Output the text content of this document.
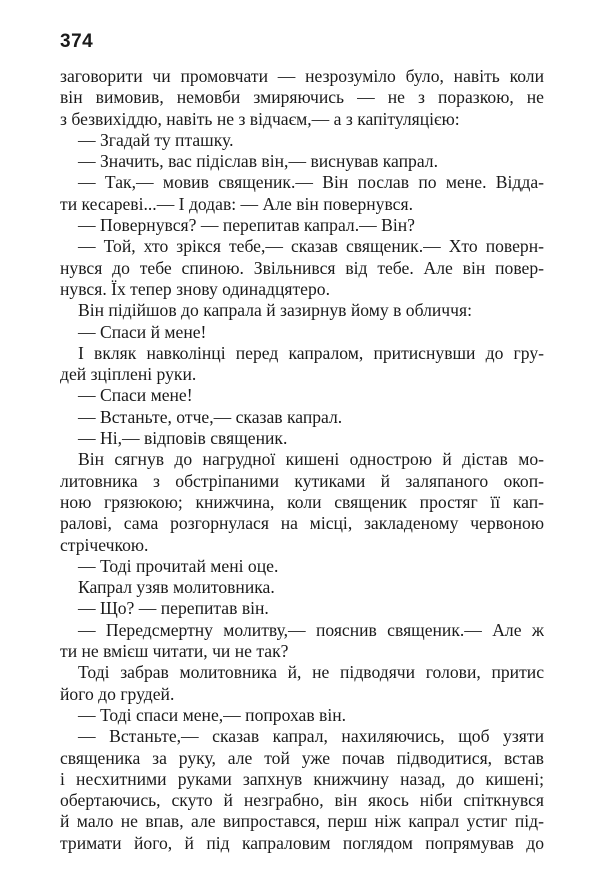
374

заговорити чи промовчати — незрозуміло було, навіть коли

він вимовив, немовби змиряючись — не з поразкою, не

з безвихіддю, навіть не з відчаєм,— а з капітуляцією:

— Згадай ту пташку.

— Значить, вас підіслав він,— виснував капрал.

— Так,— мовив священик.— Він послав по мене. Відда-

ти кесареві...— І додав: — Але він повернувся.

— Повернувся? — перепитав капрал.— Він?

— Той, хто зрікся тебе,— сказав священик.— Хто поверн-

нувся до тебе спиною. Звільнився від тебе. Але він повер-

нувся. Їх тепер знову одинадцятеро.

Він підійшов до капрала й зазирнув йому в обличчя:

— Спаси й мене!

І вкляк навколінці перед капралом, притиснувши до гру-

дей зціплені руки.

— Спаси мене!

— Встаньте, отче,— сказав капрал.

— Ні,— відповів священик.

Він сягнув до нагрудної кишені однострою й дістав мо-

литовника з обстріпаними кутиками й заляпаного окоп-

ною грязюкою; книжчина, коли священик простяг її кап-

ралові, сама розгорнулася на місці, закладеному червоною

стрічечкою.

— Тоді прочитай мені оце.

Капрал узяв молитовника.

— Що? — перепитав він.

— Передсмертну молитву,— пояснив священик.— Але ж

ти не вмієш читати, чи не так?

Тоді забрав молитовника й, не підводячи голови, притис

його до грудей.

— Тоді спаси мене,— попрохав він.

— Встаньте,— сказав капрал, нахиляючись, щоб узяти

священика за руку, але той уже почав підводитися, встав

і несхитними руками запхнув книжчину назад, до кишені;

обертаючись, скуто й незграбно, він якось ніби спіткнувся

й мало не впав, але випростався, перш ніж капрал устиг під-

тримати його, й під капраловим поглядом попрямував до
